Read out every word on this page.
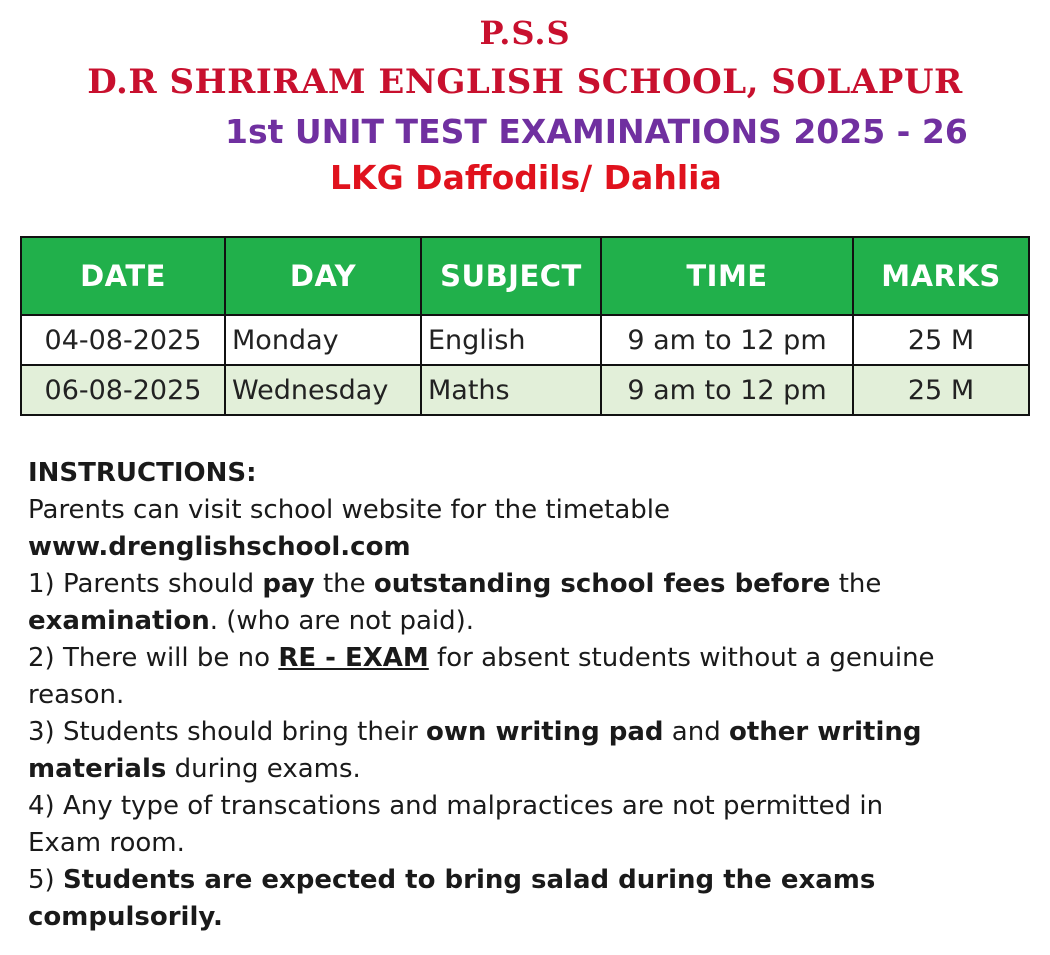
P.S.S
D.R SHRIRAM ENGLISH SCHOOL, SOLAPUR
1st UNIT TEST EXAMINATIONS 2025 - 26
LKG Daffodils/ Dahlia
DATE	DAY	SUBJECT	TIME	MARKS
04-08-2025	Monday	English	9 am to 12 pm	25 M
06-08-2025	Wednesday	Maths	9 am to 12 pm	25 M

INSTRUCTIONS:

Parents can visit school website for the timetable

www.drenglishschool.com

1) Parents should pay the outstanding school fees before the

examination. (who are not paid).

2) There will be no RE - EXAM for absent students without a genuine

reason.

3) Students should bring their own writing pad and other writing

materials during exams.

4) Any type of transcations and malpractices are not permitted in

Exam room.

5) Students are expected to bring salad during the exams

compulsorily.
